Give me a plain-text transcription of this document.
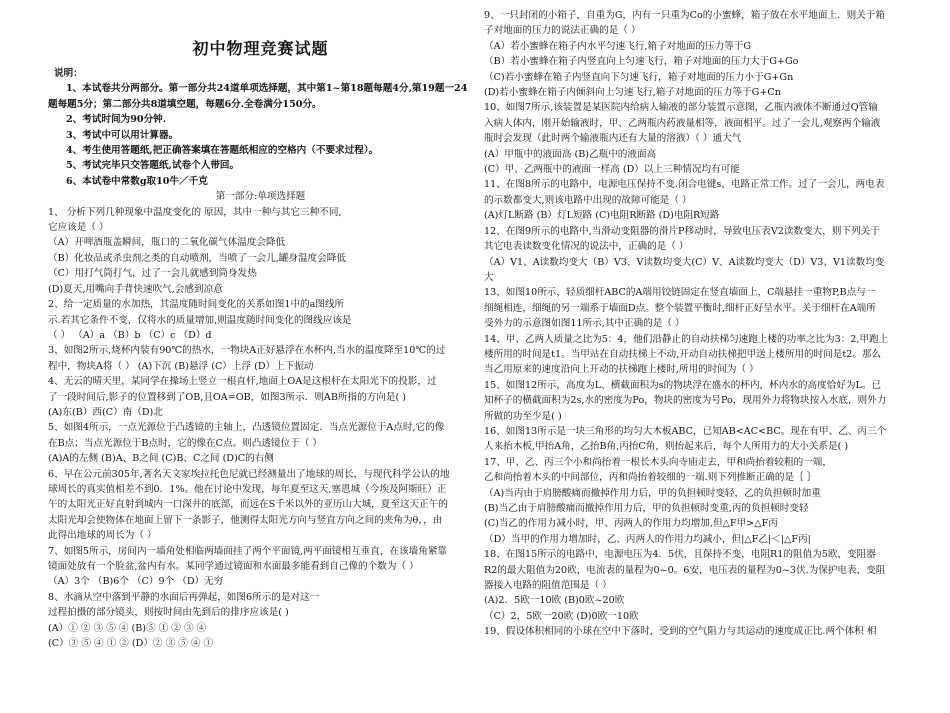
初中物理竞赛试题
说明：
1、本试卷共分两部分。第一部分共24道单项选择题，其中第1~第18题每题4分,第19题一24
题每题5分；第二部分共8道填空题，每题6分.全卷满分150分。
2、考试时间为90分钟.
3、考试中可以用计算器。
4、考生使用答题纸,把正确答案填在答题纸相应的空格内（不要求过程）。
5、考试完毕只交答题纸,试卷个人带回。
6、本试卷中常数g取10牛／千克
第一部分:单项选择题
1、 分析下列几种现象中温度变化的 原因，其中一种与其它三种不同,
它应该是（ ）
（A）开啤酒瓶盖瞬间，瓶口的二氧化碳气体温度会降低
（B）化妆品或杀虫剂之类的自动喷剂，当喷了一会儿,罐身温度会降低
（C）用打气筒打气，过了一会儿就感到筒身发热
(D)夏天,用嘴向手背快速吹气,会感到凉意
2、给一定质量的水加热，其温度随时间变化的关系如图1中的a图线所
示.若其它条件不变，仅将水的质量增加,则温度随时间变化的图线应该是
（ ） （A）a （B）b （C）c （D）d
3、如图2所示,烧杯内装有90℃的热水，一物块A正好悬浮在水杯内,当水的温度降至10℃的过
程中，物块A将（ ） (A)下沉 (B)悬浮 (C）上浮 (D）上下振动
4、无云的晴天里，某同学在操场上竖立一根直杆,地面上OA是这根杆在太阳光下的投影，过
了一段时间后,影子的位置移到了OB,且OA=OB，如图3所示．则AB所指的方向是( )
(A)东(B）西(C）南（D)北
5、如图4所示，一点光源位于凸透镜的主轴上，凸透镜位置固定．当点光源位于A点时,它的像
在B点；当点光源位于B点时，它的像在C点。则凸透镜位于（ ）
(A)A的左侧 (B)A、B之间 (C)B、C之间 (D)C的右侧
6、早在公元前305年,著名天文家埃拉托色尼就已经测量出了地球的周长，与现代科学公认的地
球周长的真实值相差不到0．1%。他在讨论中发现，每年夏至这天,塞恩城（今埃及阿斯旺）正
午的太阳光正好直射到城内一口深井的底部，而远在S千米以外的亚历山大城，夏至这天正午的
太阳光却会使物体在地面上留下一条影子，他测得太阳光方向与竖直方向之间的夹角为θ，，由
此得出地球的周长为（ ）
7、如图5所示，房间内一墙角处相临两墙面挂了两个平面镜,两平面镜相互垂直，在该墙角紧靠
镜面处放有一个脸盆,盆内有水。某同学通过镜面和水面最多能看到自己像的个数为（ ）
（A）3个 （B)6个 （C）9个 （D）无穷
8、水滴从空中落到平静的水面后再弹起，如图6所示的是对这一
过程拍摄的部分镜头，则按时间由先到后的排序应该是( )
(A）① ② ③ ⑤ ④ (B)⑤ ① ② ③ ④
(C）③ ⑤ ④ ① ② (D）② ③ ⑤ ④ ①
9、一只封闭的小箱子，自重为G，内有一只重为Co的小蜜蜂，箱子放在水平地面上．则关于箱
子对地面的压力的说法正确的是（ ）
（A）若小蜜蜂在箱子内水平匀速飞行,箱子对地面的压力等于G
（B）若小蜜蜂在箱子内竖直向上匀速飞行，箱子对地面的压力大于G+Go
（C)若小蜜蜂在箱子内竖直向下匀速飞行，箱子对地面的压力小于G+Gn
(D)若小蜜蜂在箱子内倾斜向上匀速飞行,箱子对地面的压力等于G+Cn
10、如图7所示,该装置是某医院内给病人输液的部分装置示意图，乙瓶内液体不断通过Q管输
入病人体内，刚开始输液时，甲、乙两瓶内药液量相等，液面相平。过了一会儿,观察两个输液
瓶时会发现（此时两个输液瓶内还有大量的溶液）（ ）通大气
(A）甲瓶中的液面高 (B)乙瓶中的液面高
(C）甲、乙两瓶中的液面一样高 (D）以上三种情况均有可能
11、在图8所示的电路中，电源电压保持不变.闭合电键s，电路正常工作。过了一会儿，两电表
的示数都变大,则该电路中出现的故障可能是（ ）
(A)灯L断路 (B）灯L短路 (C)电阻R断路 (D)电阻R短路
12、在图9所示的电路中,当滑动变阻器的滑片P移动时，导致电压表V2读数变大，则下列关于
其它电表读数变化情况的说法中，正确的是（ ）
（A）V1、A读数均变大（B）V3、V读数均变大(C）V、A读数均变大（D）V3、V1读数均变
大
13、如图10所示，轻质细杆ABC的A端用铰链固定在竖直墙面上，C端悬挂一重物P,B点与一
细绳相连，细绳的另一端系于墙面D点。整个装置平衡时,细杆正好呈水平。关于细杆在A端所
受外力的示意图如图11所示,其中正确的是（ ）
14、甲、乙两人质量之比为5：4，他们沿静止的自动扶梯匀速跑上楼的功率之比为3：2,甲跑上
楼所用的时间是t1。当甲站在自动扶梯上不动,开动自动扶梯把甲送上楼所用的时间是t2。那么
当乙用原来的速度沿向上开动的扶梯跑上楼时,所用的时间为（ ）
15、如图12所示，高度为L、横截面积为s的物块浮在盛水的杯内，杯内水的高度恰好为L。已
知杯子的横截面积为2s,水的密度为Po，物块的密度为号Po，现用外力将物块按入水底，则外力
所做的功至少是( )
16、如图13所示是一块三角形的均匀大木板ABC，已知AB<AC<BC。现在有甲、乙、丙三个
人来抬木板,甲抬A角，乙抬B角,丙抬C角，则抬起来后，每个人所用力的大小关系是( )
17、甲、乙、丙三个小和尚抬着一根长木头向寺庙走去，甲和尚抬着较粗的一端，
乙和尚抬着木头的中间部位，丙和尚抬着较细的一端.则下列推断正确的是｛ ｝
（A)当丙由于肩膀酸痛而撤掉作用力后，甲的负担顿时变轻，乙的负担顿时加重
(B)当乙由于肩膀酸痛而撤掉作用力后，甲的负担顿时变重,丙的负担顿时变轻
(C)当乙的作用力减小时，甲、丙两人的作用力均增加,但△F甲>△F丙
（D）当甲的作用力增加时，乙、丙两人的作用力均减小，但|△F乙|＜|△F丙|
18、在图15所示的电路中，电源电压为4．5伏，且保持不变，电阻R1的阻值为5欧，变阻器
R2的最大阻值为20欧，电流表的量程为0~0。6安，电压表的量程为0~3伏.为保护电表，变阻
器接入电路的阻值范围是（ ）
(A)2．5欧一10欧 (B)0欧~20欧
（C）2，5欧一20欧 (D)0欧一10欧
19、假设体积相同的小球在空中下落时，受到的空气阻力与其运动的速度成正比.两个体积 相
